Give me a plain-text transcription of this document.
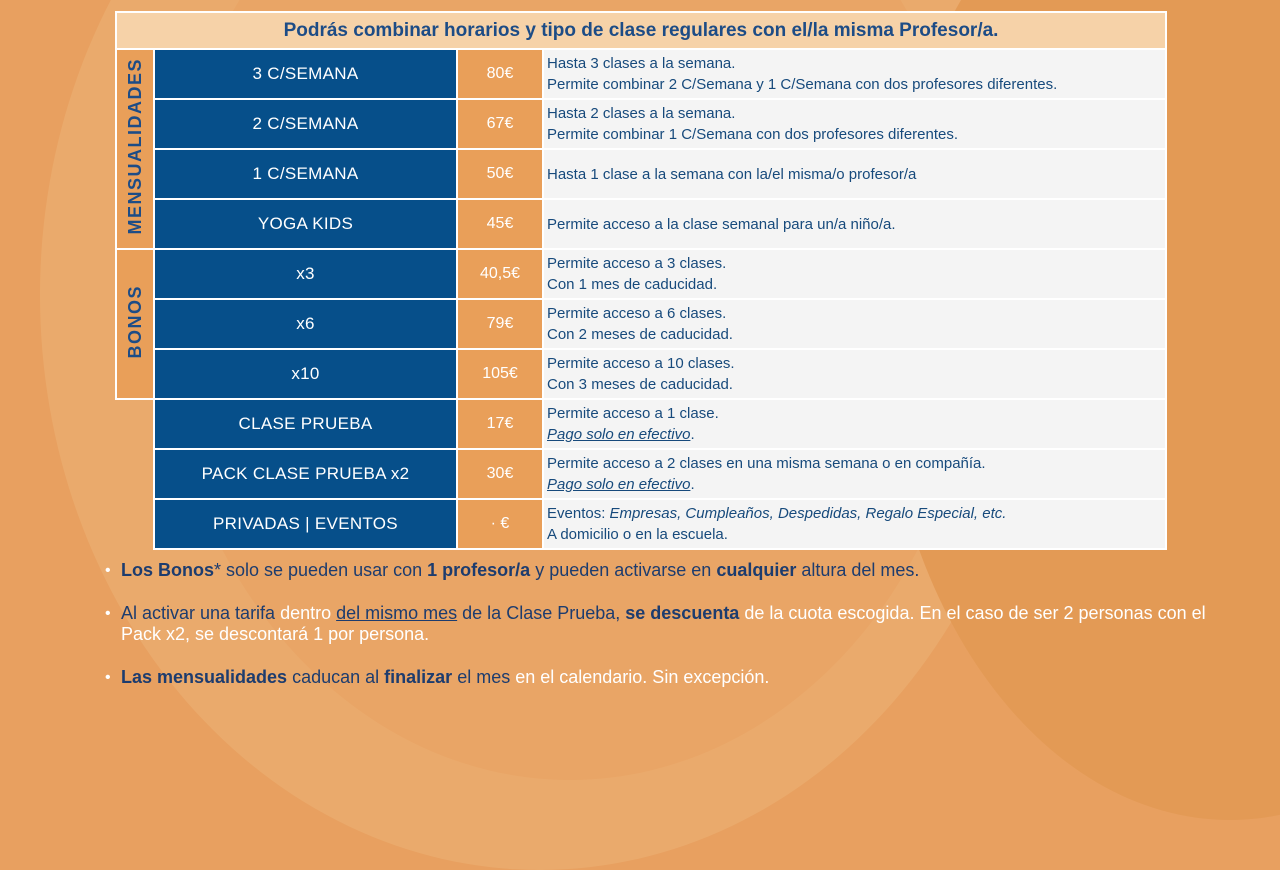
Podrás combinar horarios y tipo de clase regulares con el/la misma Profesor/a.			
MENSUALIDADES	3 C/SEMANA	80€	Hasta 3 clases a la semana.
Permite combinar 2 C/Semana y 1 C/Semana con dos profesores diferentes.

	2 C/SEMANA	67€	Hasta 2 clases a la semana.
Permite combinar 1 C/Semana con dos profesores diferentes.

	1 C/SEMANA	50€	Hasta 1 clase a la semana con la/el misma/o profesor/a

	YOGA KIDS	45€	Permite acceso a la clase semanal para un/a niño/a.

BONOS	x3	40,5€	Permite acceso a 3 clases.
Con 1 mes de caducidad.

	x6	79€	Permite acceso a 6 clases.
Con 2 meses de caducidad.

	x10	105€	Permite acceso a 10 clases.
Con 3 meses de caducidad.

	CLASE PRUEBA	17€	Permite acceso a 1 clase.
Pago solo en efectivo.

	PACK CLASE PRUEBA x2	30€	Permite acceso a 2 clases en una misma semana o en compañía.
Pago solo en efectivo.

	PRIVADAS | EVENTOS	· €	Eventos: Empresas, Cumpleaños, Despedidas, Regalo Especial, etc.
A domicilio o en la escuela.
• Los Bonos* solo se pueden usar con 1 profesor/a y pueden activarse en cualquier altura del mes.
• Al activar una tarifa dentro del mismo mes de la Clase Prueba, se descuenta de la cuota escogida. En el caso de ser 2 personas con el Pack x2, se descontará 1 por persona.
• Las mensualidades caducan al finalizar el mes en el calendario. Sin excepción.
